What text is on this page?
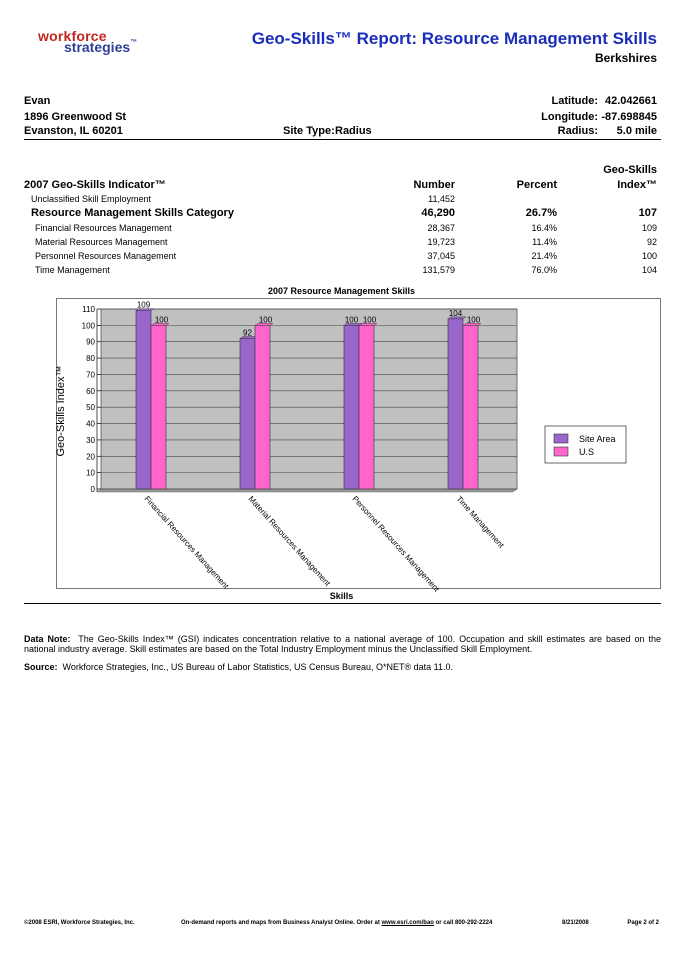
workforce
strategies™	Geo-Skills™ Report: Resource Management Skills
Berkshires
Evan
1896 Greenwood St
Evanston, IL 60201	Site Type: Radius
Latitude: 42.042661
Longitude: -87.698845
Radius: 5.0 mile
Geo-Skills
2007 Geo-Skills Indicator™	Number	Percent	Index™
Unclassified Skill Employment	11,452
Resource Management Skills Category	46,290	26.7%	107
Financial Resources Management	28,367	16.4%	109
Material Resources Management	19,723	11.4%	92
Personnel Resources Management	37,045	21.4%	100
Time Management	131,579	76.0%	104
2007 Resource Management Skills
0
10
20
30
40
50
60
70
80
90
100
110
Geo-Skills Index™
109
100
Financial Resources Management
92
100
Material Resources Management
100 100
Personnel Resources Management
104
100
Time Management
Site Area
U.S
Skills
Data Note: The Geo-Skills Index™ (GSI) indicates concentration relative to a national average of 100. Occupation and skill estimates are based on the national industry average. Skill estimates are based on the Total Industry Employment minus the Unclassified Skill Employment.
Source: Workforce Strategies, Inc., US Bureau of Labor Statistics, US Census Bureau, O*NET® data 11.0.
©2008 ESRI, Workforce Strategies, Inc.	On-demand reports and maps from Business Analyst Online. Order at www.esri.com/bao or call 800-292-2224	8/21/2008	Page 2 of 2
